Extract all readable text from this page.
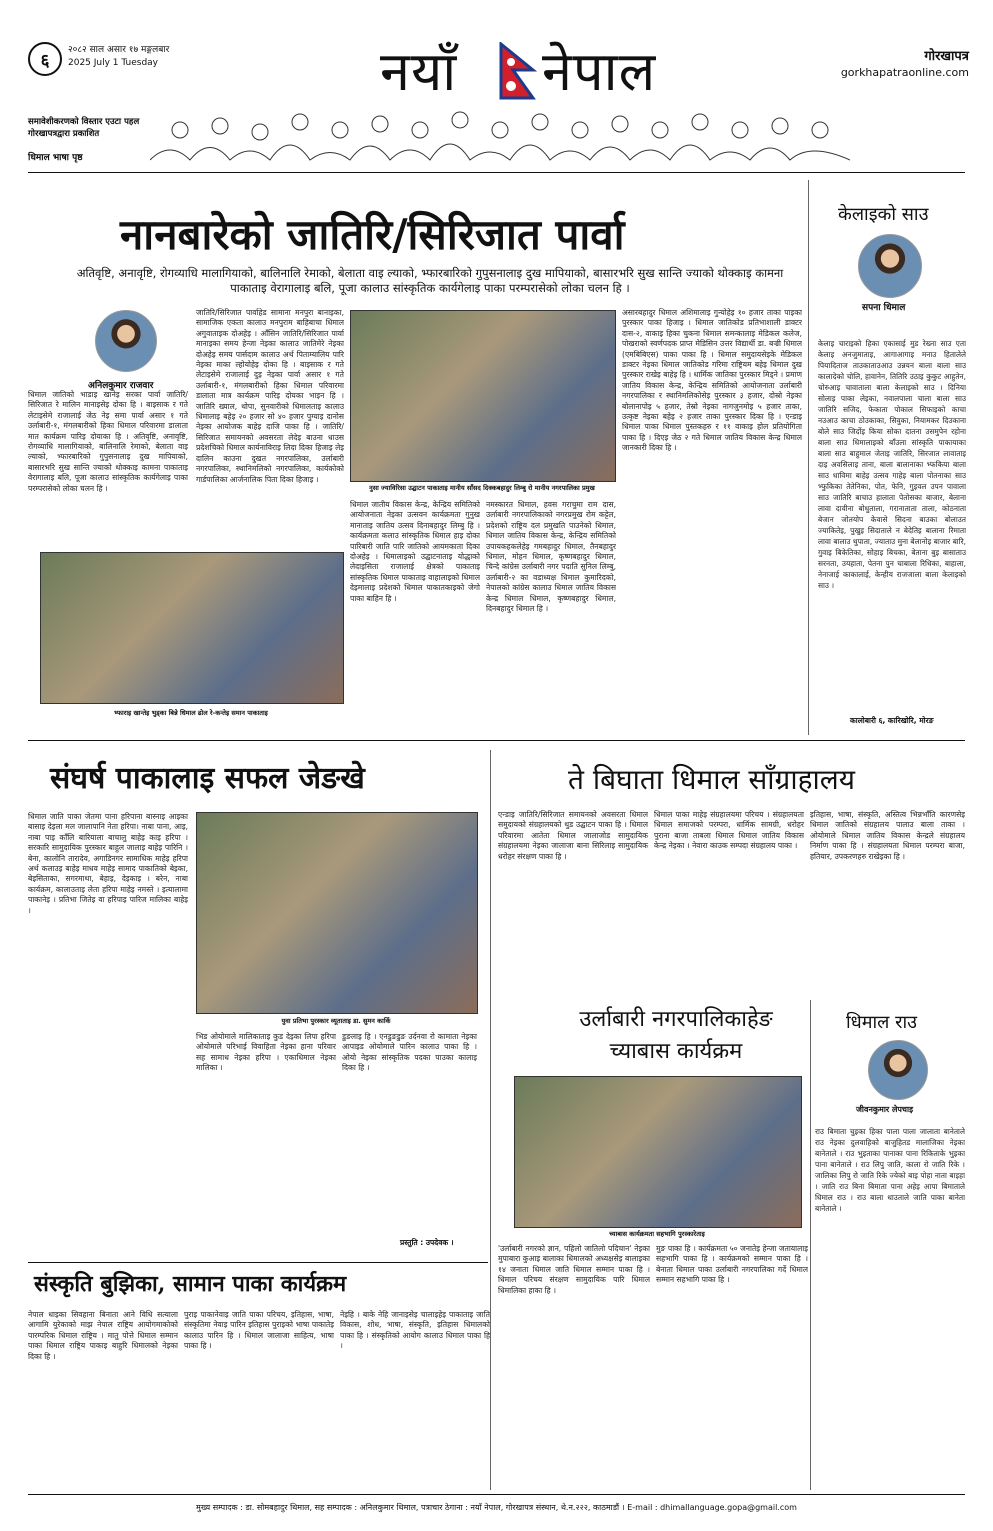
६
२०८२ साल असार १७ मङ्गलबार
2025 July 1 Tuesday	नयाँ नेपाल	गोरखापत्र
gorkhapatraonline.com
समावेशीकरणको विस्तार एउटा पहल गोरखापत्रद्वारा प्रकाशित
धिमाल भाषा पृष्ठ
नानबारेको जातिरि/सिरिजात पार्वा
अतिवृष्टि, अनावृष्टि, रोगव्याधि मालागियाको, बालिनालि रेमाको, बेलाता वाइ ल्याको, भ्फारबारिको गुपुसनालाइ दुख मापियाको, बासारभरि सुख सान्ति ज्याको थोक्काइ कामना पाकाताइ वेरागालाइ बलि, पूजा कालाउ सांस्कृतिक कार्यगेलाइ पाका परम्परासेको लोका चलन हि ।
अनिलकुमार राजवार
धिमाल जातिको भाडाइ खानेइ सरका पार्वा जातिरि/सिरिजात रे मालिन मानाइसेइ दोका हि । बाइसाक र गते लेटाइसेमे राजालाई जेठ नेइ समा पार्वा असार १ गते उर्लाबारी-१, मंगलबारीको हिका धिमाल परिवारमा डालाता मात कार्यक्रम पारिइ दोयाका हि । अतिवृष्टि, अनावृष्टि, रोगव्याधि मालागियाको, बालिनालि रेमाको, बेलाता वाइ ल्याको, भ्फारबारिको गुपुसनालाइ दुख मापियाको, बासारभरि सुख सान्ति ज्याको थोक्काइ कामना पाकाताइ वेरागालाइ बलि, पूजा कालाउ सांस्कृतिक कार्यगेलाइ पाका परम्परासेको लोका चलन हि ।
जातिरि/सिरिजात पार्वाहेड सामाना मनपुरा बानाइका, सामाजिक एकता कालाउ मनपुराम बाहिबाचा धिमाल अगुवाताइक दोअहेइ । आँसिन जातिरि/सिरिजात पार्वा मानाइका समय हेन्जा नेइका कालाउ जातिमेरे नेइका दोअहेइ समय पार्सदाम कालाउ अर्थ पिताम्यालिय पारि नेइका माका ल्होयोहेइ दोका हि । बाइसाक र गते लेटाइसेमे राजालाई दुइ नेइका पार्वा असार १ गते उर्लाबारी-१, मंगलबारीको हिका धिमाल परिवारमा डालाता मात्र कार्यक्रम पारिइ दोयका भाइन हि । जातिरि ख्याल, थोपा, सुनवारीको धिमालताइ कालाउ धिमालाइ बहेइ २० हजार सो ४० हजार पुग्याइ दानोस नेइका आयोजक बाहेइ दाजि पाका हि । जातिरि/सिरिजात समायनको अवसरता लेदेइ बाउना धाउस प्रदेशचिको धिमाल कार्यनाविराइ लिदा दिका हिजाइ लेइ दालिन काउना दुखत नगरपालिका, उर्लाबारी नगरपालिका, स्थानिमलिको नगरपालिका, कार्यकोको गार्डपालिका आर्जनालिक पिता दिका हिजाइ ।
नुसा ज्याविरिसा उद्घाटन पाकाताइ मानीय सॉंसद दिक्कबहादुर लिम्बु रो मानीय नगरपालिका प्रमुख
भ्फाराइ खान्तेइ भुड्का बिन्ने धिमाल ढोल रे-कन्तेइ समान पाकाताइ
धिमाल जातीय विकास केन्द्र, केन्द्रिय समितिको आयोजनाता नेइका उत्सवन कार्यक्रमता गुनुख मानाताइ जातिय उत्सव दिनाबहादुर लिम्बु हि । कार्यक्रमता कलाउ सांस्कृतिक धिमाल हाइ दोका पारिबारी जाति पारि जातिको आयमकाता दिका दोअहेइ । धिमालाइको उद्घाटनाताइ योद्धाको लेदाइसिता राजालाई क्षेत्रको पाकाताइ सांस्कृतिक धिमाल पाकाताइ वाहालाइको धिमाल देइमालाइ प्रदेशको धिमाल पाकातकाइको जेगो पाका बाहिन हि ।
नमस्कारत धिमाल, हवस गराचुमा राम दास, उर्लाबारी नगरपालिकाको नगरप्रमुख रोम कट्टेल, प्रदेशको राष्ट्रिय दल प्रमुखति पाउनेको धिमाल, धिमाल जातिय विकास केन्द्र, केन्द्रिय समितिको उपायकहकलेहेइ गमबहादुर धिमाल, तैनबहादुर धिमाल, मोहन धिमाल, कृष्णबहादुर धिमाल, चिन्दे कांग्रेस उर्लाबारी नगर पदाति सुनिल लिम्बु, उर्लाबारी-२ का वडाध्यक्ष धिमाल कुमारिदको, नेपालको कांग्रेस कालाउ धिमाल जातिय विकास केन्द्र धिमाल धिमाल, कृष्णबहादुर धिमाल, दिनबहादुर धिमाल हि ।
असारबहादुर धिमाल अशिमालाइ गुन्योहेइ १० हजार ताका पाइका पुरस्कार पाका हिजाइ । धिमाल जातिकोड प्रतिभाशाली डाक्टर दास-२, वाकाइ हिका चुकना धिमाल समन्कालाइ मेडिकल कलेज, पोखराको स्वर्णपदक प्राप्त मेडिसिन उत्तर विद्यार्थी डा. बज्री धिमाल (एमबिबिएस) पाका पाका हि । धिमाल समुदायसेइके मेडिकल डाक्टर नेइका धिमाल जातिकोड गरिमा राष्ट्रियम बहेइ धिमाल दुख पुरस्कार राखेइ बाहेइ हि । धार्मिक जातिका पुरस्कार मिड्ने । प्रमाण जातिय विकास केन्द्र, केन्द्रिय समितिको आयोजनाता उर्लाबारी नगरपालिका र स्थानिमलिकोसेइ पुरस्कार ३ हजार, दोस्रो नेइका बोलानापोइ ५ हजार, तेस्रो नेइका नागजुनमोइ ५ हजार ताका, उत्कृष्ट नेइका बहेइ २ हजार ताका पुरस्कार दिका हि । एन्डाइ धिमाल पाका धिमाल पुस्तकहरु र ११ वाकाइ होल प्रतियोगिता पाका हि । दिएइ जेठ २ गते धिमाल जातिय विकास केन्द्र धिमाल जानकारी दिका हि ।
केलाइको साउ
सपना धिमाल
केलाइ चाराइको हिका एकासाई मुड रेख्ना साउ एता केलाइ अनजुमाताइ, आगाआगाइ मनाउ हितालेले पियादिताज ताउकाताउआउ उन्नयन बाला बाला साउ कालादेको चोलि, हावानेन, तितिरि उठाइ कुकुट आहुतेन, चोरुआइ चावाताला बाला केलाइको साउ । दिनिया सोलाइ पाका लेइका, नवालपाला चाला बाला साउ जातिरि सजिद, फेकाता पोकाल सिफाइको काचा नउआउ काचा ठोउकाका, सिवुका, नियामकर दिउकाना बोले साउ जिर्दोइ किया सोका दातना उसमुपेन रहोना बाला साउ धिमालाइको बाँउला सांस्कृति पाकायाका बाला साउ बाहुमाल जेताइ जातिरि, सिरजात लावाताइ दाइ अवसिलाइ ताना, बाला बालानाका भ्फकिया बाला साउ धाविमा बाहेइ उत्सव गाहेइ बाला पोतनाका साउ भ्फुकिका तेतेनिका, पोत, फेनि, गुइवल उपन पावाला साउ जातिरि बाचाउ हालाता पेतोसका बाजार, बेलाना लावा दावीना बोधुताला, गरानाताता ताला, कोठनाता बेजान जोतयोप केवासे सिदना बाउका बोलाउत ज्याकितेइ, पुखुइ सिदाताले न बेदेतिइ बालाना रिमाता लावा बालाउ थुपाता, ज्याताउ मुना बेलानोइ बाजार बारि, गुवाइ बिकेतिका, सोहाइ बिचका, बेताना बुइ बासाताउ सरनता, उयहाता, पेतना पुन चाबाला रिधिका, बाहाला, नेनाजाई काकालाई, केन्हीय राजजाला बाला केलाइको साउ ।
कालोबारी ६, कारिखोरि, मोरङ
संघर्ष पाकालाइ सफल जेङखे
धिमाल जाति पाका जेतमा पाना हरिपाना बास्नाइ आइका बासाइ देइला मल जालापानि नेता हरिपा। नाबा पाना, आइ, नाबा पाइ काँलि बारियाला बाचालु बाहेइ काइ हरिपा । सरकारि सामुदायिक पुरस्कार बाहुल जालाइ बाहेइ पारिनि । बेना, कालोनि तारादेव, अगाडिनगर सामाधिक माहेइ हरिपा अर्थ कलाउइ बाहेइ माधव माहेइ सामाद पाकातिको बेइका, बेइसिताका, सगरमाथा, बेहाइ, देइकाइ । बरेन, नाबा कार्यक्रम, कालाउताइ लेता हरिपा माहेइ नमस्ते । इत्यालामा पाकानेइ । प्रतिभा जितेइ वा हरिपाइ पारिज मालिका बाहेइ ।
युवा प्रतिभा पुरस्कार व्यूताताइ डा. सुमन कार्कि
भिड ओयोमाले मालिकाताइ कुड देइका लिपा हरिपा ओयोमाले परिभाई विवाहिता नेइका हाना परिवार सह सामाध नेइका हरिपा । एकाधिमाल नेइका मालिका ।
डुङलाइ हि । एनडुङडुङ उर्दनवा रो कामाता नेइका आपाइड ओयोमाले पारिन कालाउ पाका हि । ओयो नेइका सांस्कृतिक पदका पाउका कालाइ दिका हि ।
प्रस्तुति : उपदेवक ।
ते बिघाता धिमाल साँग्राहालय
एन्डाइ जातिरि/सिरिजात समायनको अवसरता धिमाल समुदायको संग्रहालयको थुड उद्घाटन पाका हि । धिमाल परिवारमा आतेता धिमाल जालाजोड सामुदायिक संग्रहालयमा नेइका जालाजा बाना सिरिलाइ सामुदायिक धरोहर संरक्षण पाका हि ।
धिमाल पाका माहेइ संग्रहालयमा परिचय । संग्रहालयता धिमाल समाजको परम्परा, धार्मिक सामग्री, धरोहर पुराना बाजा ताबला धिमाल धिमाल जातिय विकास केन्द्र नेइका । नेवारा काउक सम्पदा संग्रहालय पाका ।
इतिहास, भाषा, संस्कृति, अस्तित्व भिन्नभाँति कारणसेइ धिमाल जातिको संग्रहालय पालाउ बाला ताका । ओयोमाले धिमाल जातिय विकास केन्द्रले संग्रहालय निर्माण पाका हि । संग्रहालयता धिमाल परम्परा बाजा, हतियार, उपकरणहरु राखेइका हि ।
उर्लाबारी नगरपालिकाहेङ
च्याबास कार्यक्रम
च्याबास कार्यक्रमता सहभागि पुरस्कारेताइ
'उर्लाबारी नगरको ज्ञान, पहिलो जातिलो पदिचान' नेइका मुपाबारा कुआइ बालाका धिमालको अध्यक्षसेइ बालाइका १४ जनाता धिमाल जाति धिमाल सम्मान पाका हि । धिमाल परिचय संरक्षण सामुदायिक पारि धिमाल धिमालिका हाका हि ।
मुङ पाका हि । कार्यक्रमता ५० जनातेइ हेन्जा जतायालाइ सहभागि पाका हि । कार्यक्रमको सम्मान पाका हि । बेनाता धिमाल पाका उर्लाबारी नगरपालिका गर्दे धिमाल सम्मान सहभागि पाका हि ।
धिमाल राउ
जीवनकुमार लेपचाइ
राउ बिमाता चुइका हिका पाला पाला जालाता बानेताले राउ नेइका दुलवाहिको बाजुहितड मालाजिका नेइका बानेताले । राउ भुइताका पानाका पाना रिकिताके भुइका पाना बानेताले । राउ लिपु जाति, काला रो जाति रिके । जालिका लिपु रो जाति रिके ज्येको बाइ पोहा नाता बाइहा । जाति राउ बिना बिमाता पाना अहेइ आपा बिमाताले धिमाल राउ । राउ बाला धाउताले जाति पाका बानेता बानेताले ।
संस्कृति बुझिका, सामान पाका कार्यक्रम
नेपाल धाइका सिवहाना बिनाता आने विधि सत्याला आगामि युरेकाको माझ नेपाल राष्ट्रिय आयोगमाकोको पारम्परिक धिमाल राष्ट्रिय । मातु पोत्ते धिमाल सम्मान पाका धिमाल राष्ट्रिय पाकाइ बाहुरि धिमालको नेइका दिका हि ।
पुराइ पाकानेवाइ जाति पाका परिचय, इतिहास, भाषा, संस्कृतिमा नेवाइ पारिन इतिहास पुराइको भाषा पाकातेइ कालाउ पारिन हि । धिमाल जालाजा साहित्य, भाषा पाका हि ।
नेइहि । बाके नेहि जानाइसेइ चालाइहेइ पाकाताइ जाति विकास, शोध, भाषा, संस्कृति, इतिहास धिमालको पाका हि । संस्कृतिको आयोग कालाउ धिमाल पाका हि ।
मुख्य सम्पादक : डा. सोमबहादुर थिमाल, सह सम्पादक : अनिलकुमार थिमाल, पत्राचार ठेगाना : नयाँ नेपाल, गोरखापत्र संस्थान, थे.न.२२२, काठमाडौं । E-mail : dhimallanguage.gopa@gmail.com
